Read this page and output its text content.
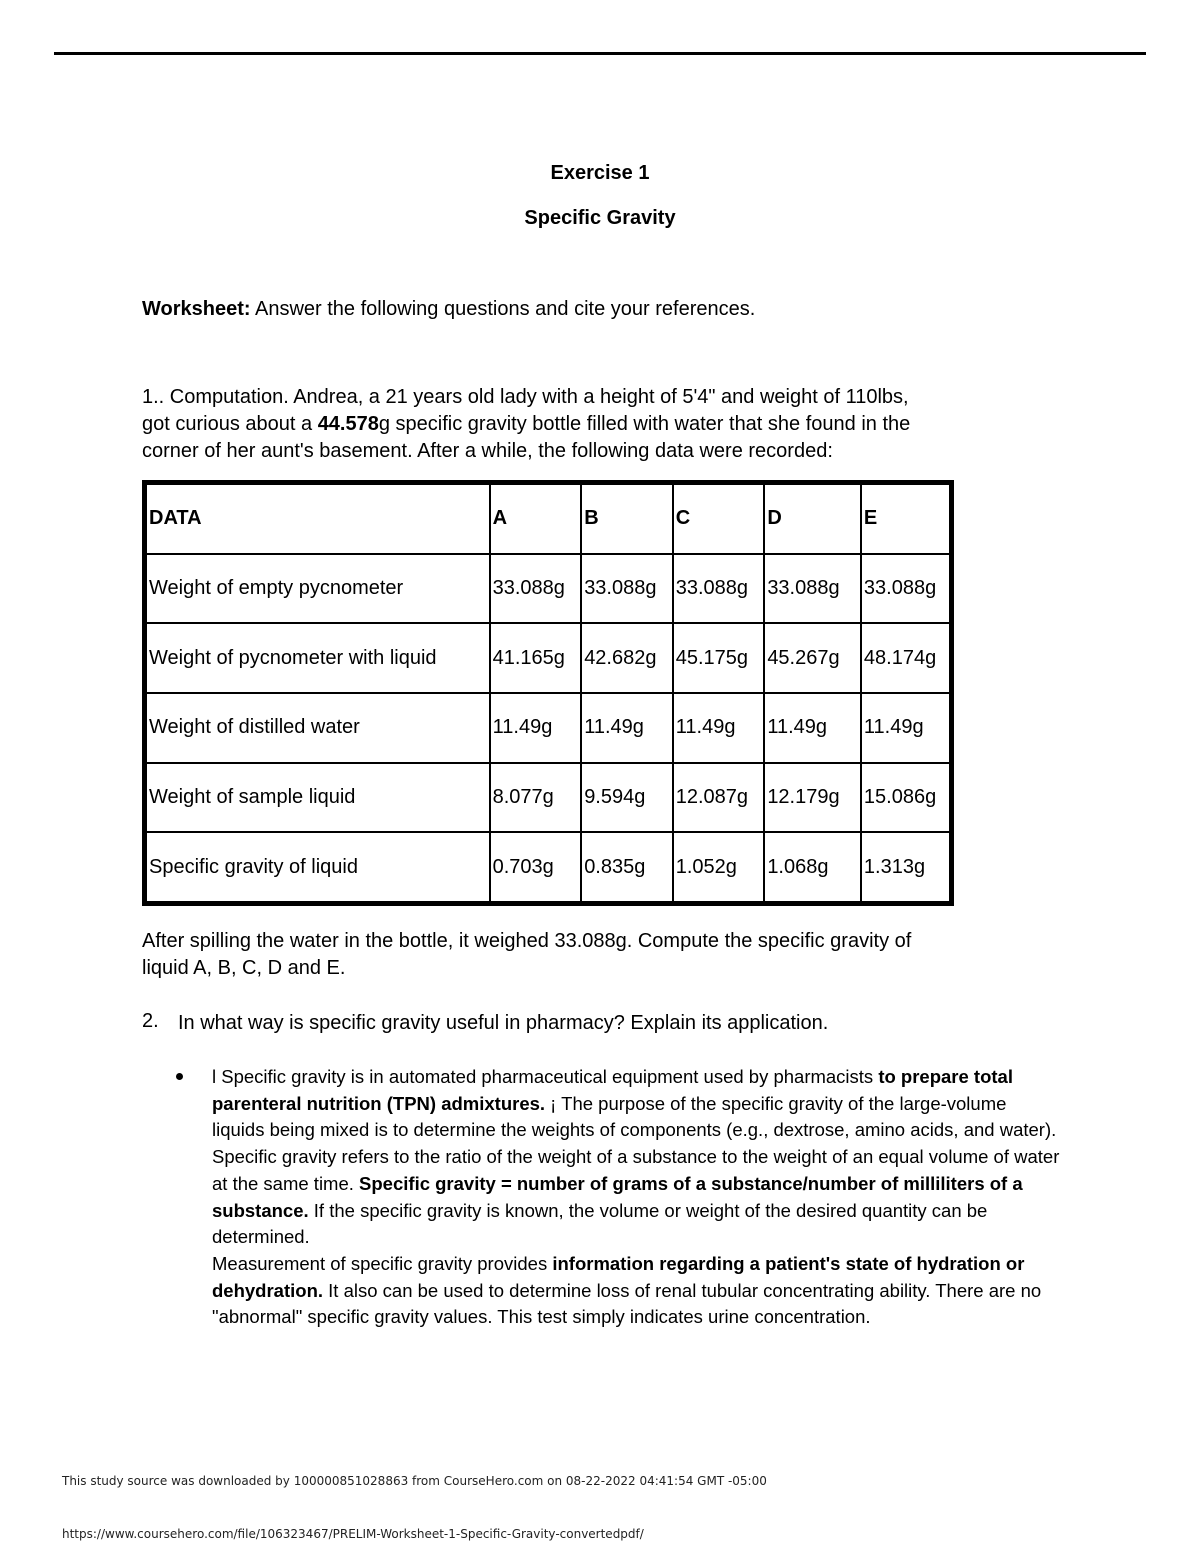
Exercise 1
Specific Gravity
Worksheet: Answer the following questions and cite your references.
1.. Computation. Andrea, a 21 years old lady with a height of 5'4" and weight of 110lbs,
got curious about a 44.578g specific gravity bottle filled with water that she found in the
corner of her aunt's basement. After a while, the following data were recorded:
DATA	A	B	C	D	E
Weight of empty pycnometer	33.088g	33.088g	33.088g	33.088g	33.088g
Weight of pycnometer with liquid	41.165g	42.682g	45.175g	45.267g	48.174g
Weight of distilled water	11.49g	11.49g	11.49g	11.49g	11.49g
Weight of sample liquid	8.077g	9.594g	12.087g	12.179g	15.086g
Specific gravity of liquid	0.703g	0.835g	1.052g	1.068g	1.313g
After spilling the water in the bottle, it weighed 33.088g. Compute the specific gravity of
liquid A, B, C, D and E.
2. In what way is specific gravity useful in pharmacy? Explain its application.

l Specific gravity is in automated pharmaceutical equipment used by pharmacists to prepare total parenteral nutrition (TPN) admixtures. ¡ The purpose of the specific gravity of the large-volume liquids being mixed is to determine the weights of components (e.g., dextrose, amino acids, and water).

Specific gravity refers to the ratio of the weight of a substance to the weight of an equal volume of water at the same time. Specific gravity = number of grams of a substance/number of milliliters of a substance. If the specific gravity is known, the volume or weight of the desired quantity can be determined.

Measurement of specific gravity provides information regarding a patient's state of hydration or dehydration. It also can be used to determine loss of renal tubular concentrating ability. There are no "abnormal" specific gravity values. This test simply indicates urine concentration.

This study source was downloaded by 100000851028863 from CourseHero.com on 08-22-2022 04:41:54 GMT -05:00
https://www.coursehero.com/file/106323467/PRELIM-Worksheet-1-Specific-Gravity-convertedpdf/
